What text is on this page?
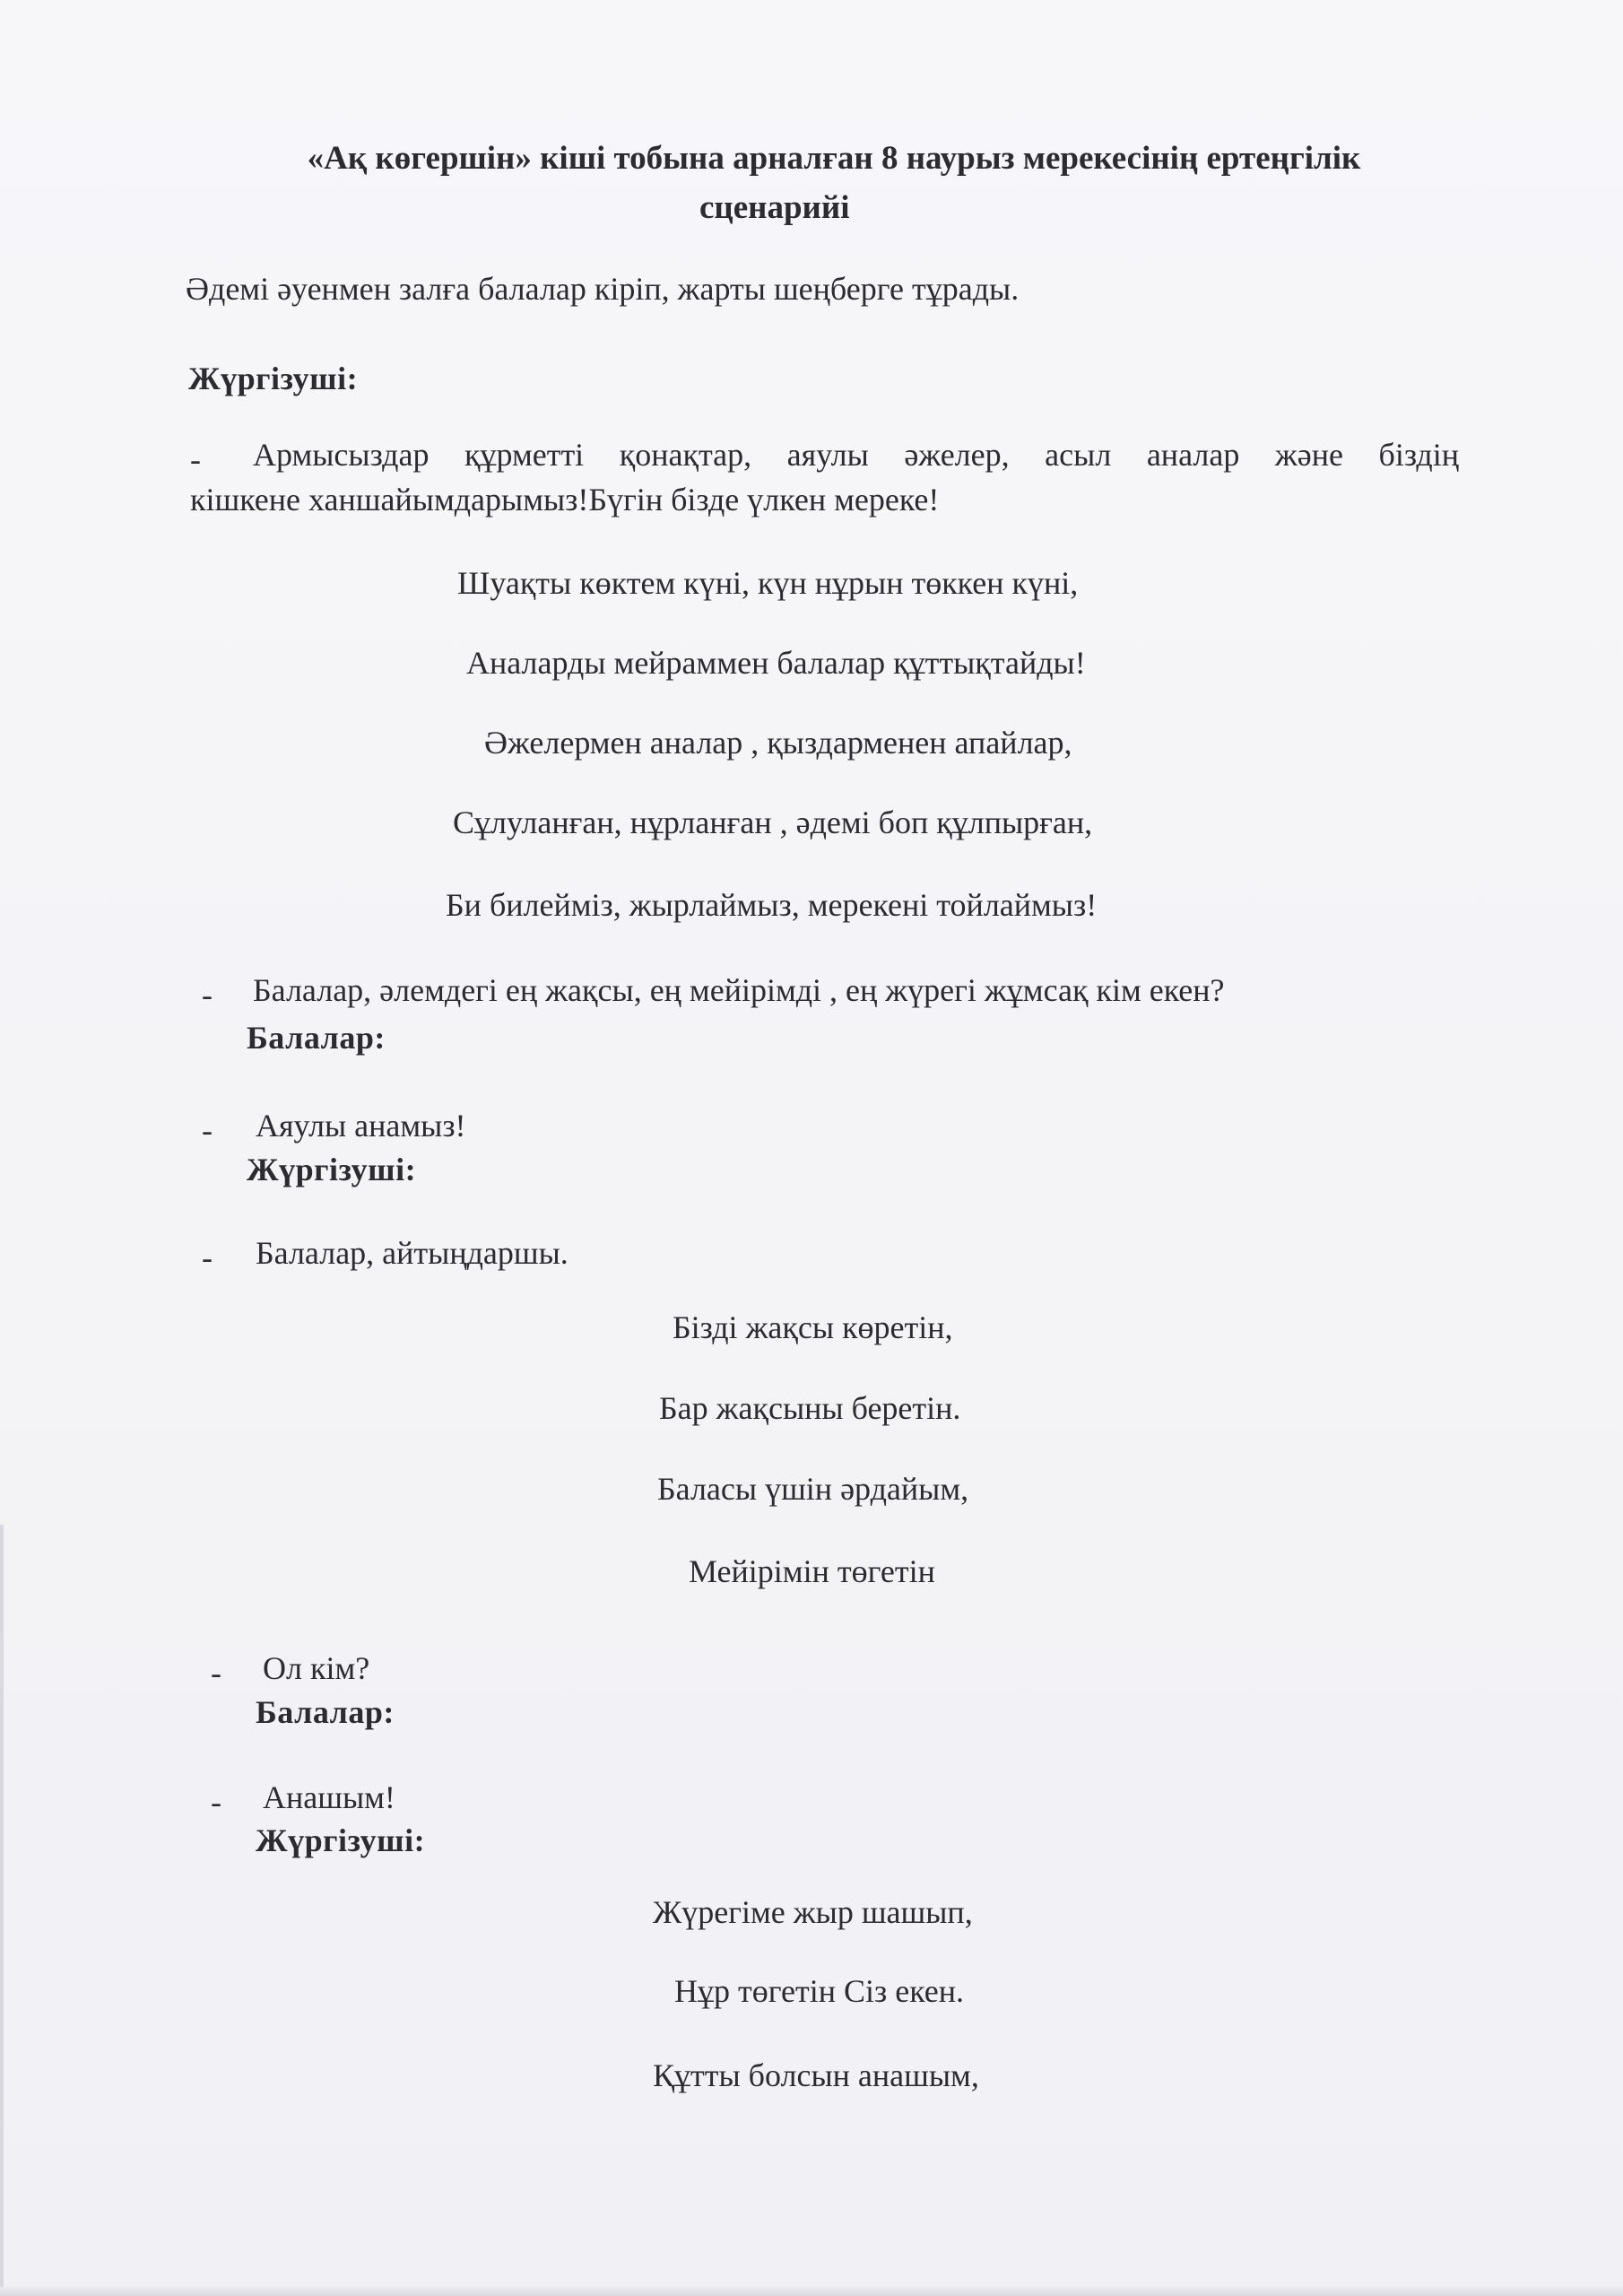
«Ақ көгершін» кіші тобына арналған 8 наурыз мерекесінің ертеңгілік
сценарийі
Әдемі әуенмен залға балалар кіріп, жарты шеңберге тұрады.
Жүргізуші:
- Армысыздар құрметті қонақтар, аяулы әжелер, асыл аналар және біздің
кішкене ханшайымдарымыз!Бүгін бізде үлкен мереке!
Шуақты көктем күні, күн нұрын төккен күні,
Аналарды мейраммен балалар құттықтайды!
Әжелермен аналар , қыздарменен апайлар,
Сұлуланған, нұрланған , әдемі боп құлпырған,
Би билейміз, жырлаймыз, мерекені тойлаймыз!
- Балалар, әлемдегі ең жақсы, ең мейірімді , ең жүрегі жұмсақ кім екен?
Балалар:
- Аяулы анамыз!
Жүргізуші:
- Балалар, айтыңдаршы.
Бізді жақсы көретін,
Бар жақсыны беретін.
Баласы үшін әрдайым,
Мейірімін төгетін
- Ол кім?
Балалар:
- Анашым!
Жүргізуші:
Жүрегіме жыр шашып,
Нұр төгетін Сіз екен.
Құтты болсын анашым,
